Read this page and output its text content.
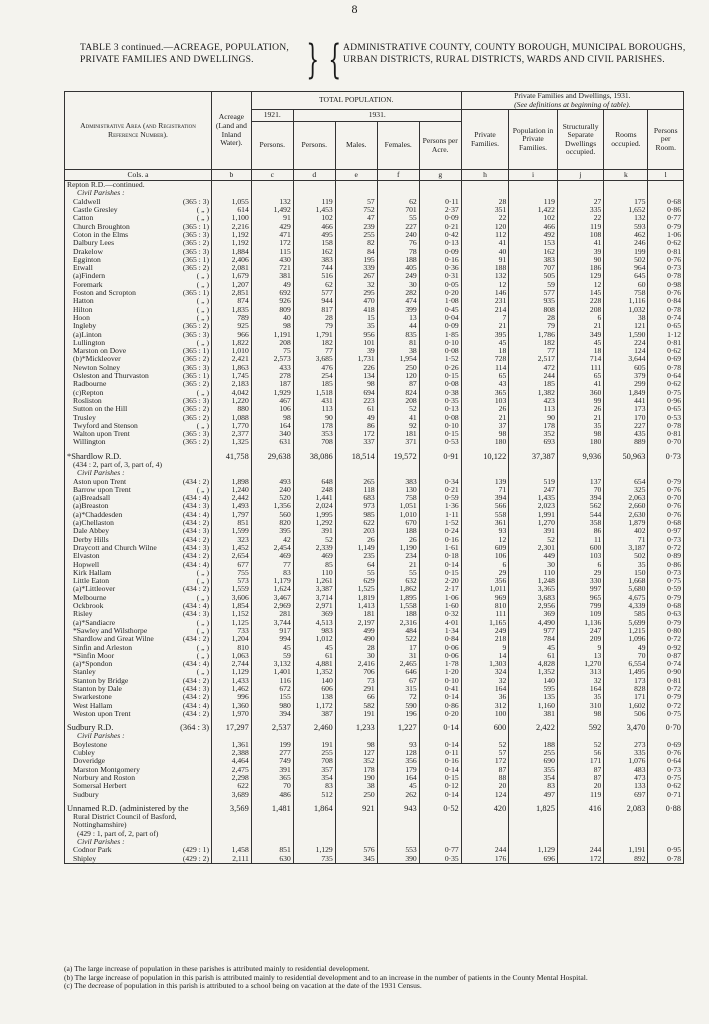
8
TABLE 3 continued.—ACREAGE, POPULATION, PRIVATE FAMILIES AND DWELLINGS.	} { ADMINISTRATIVE COUNTY, COUNTY BOROUGH, MUNICIPAL BOROUGHS, URBAN DISTRICTS, RURAL DISTRICTS, WARDS AND CIVIL PARISHES.
Administrative Area (and Registration Reference Number).	Acreage (Land and Inland Water).	TOTAL POPULATION.					Private Families and Dwellings, 1931.
(See definitions at beginning of table).				
		1921.	1931.				Private Families.	Population in Private Families.	Structurally Separate Dwellings occupied.	Rooms occupied.	Persons per Room.
		Persons.	Persons.	Males.	Females.	Persons per Acre.					
Cols. a	b	c	d	e	f	g	h	i	j	k	l
Repton R.D.—continued.											
Civil Parishes :											
Caldwell (365 : 3)	1,055	132	119	57	62	0·11	28	119	27	175	0·68
Castle Gresley ( „ )	614	1,492	1,453	752	701	2·37	351	1,422	335	1,652	0·86
Catton ( „ )	1,100	91	102	47	55	0·09	22	102	22	132	0·77
Church Broughton (365 : 1)	2,216	429	466	239	227	0·21	120	466	119	593	0·79
Coton in the Elms (365 : 3)	1,192	471	495	255	240	0·42	112	492	108	462	1·06
Dalbury Lees (365 : 2)	1,192	172	158	82	76	0·13	41	153	41	246	0·62
Drakelow (365 : 3)	1,884	115	162	84	78	0·09	40	162	39	199	0·81
Egginton (365 : 1)	2,406	430	383	195	188	0·16	91	383	90	502	0·76
Etwall (365 : 2)	2,081	721	744	339	405	0·36	188	707	186	964	0·73
(a)Findern ( „ )	1,679	381	516	267	249	0·31	132	505	129	645	0·78
Foremark ( „ )	1,207	49	62	32	30	0·05	12	59	12	60	0·98
Foston and Scropton (365 : 1)	2,851	692	577	295	282	0·20	146	577	145	758	0·76
Hatton ( „ )	874	926	944	470	474	1·08	231	935	228	1,116	0·84
Hilton ( „ )	1,835	809	817	418	399	0·45	214	808	208	1,032	0·78
Hoon ( „ )	789	40	28	15	13	0·04	7	28	6	38	0·74
Ingleby (365 : 2)	925	98	79	35	44	0·09	21	79	21	121	0·65
(a)Linton (365 : 3)	966	1,191	1,791	956	835	1·85	395	1,786	349	1,590	1·12
Lullington ( „ )	1,822	208	182	101	81	0·10	45	182	45	224	0·81
Marston on Dove (365 : 1)	1,010	75	77	39	38	0·08	18	77	18	124	0·62
(b)*Mickleover (365 : 2)	2,421	2,573	3,685	1,731	1,954	1·52	728	2,517	714	3,644	0·69
Newton Solney (365 : 3)	1,863	433	476	226	250	0·26	114	472	111	605	0·78
Osleston and Thurvaston (365 : 1)	1,745	278	254	134	120	0·15	65	244	65	379	0·64
Radbourne (365 : 2)	2,183	187	185	98	87	0·08	43	185	41	299	0·62
(c)Repton ( „ )	4,042	1,929	1,518	694	824	0·38	365	1,382	360	1,849	0·75
Rosliston (365 : 3)	1,220	467	431	223	208	0·35	103	423	99	441	0·96
Sutton on the Hill (365 : 2)	880	106	113	61	52	0·13	26	113	26	173	0·65
Trusley (365 : 2)	1,088	98	90	49	41	0·08	21	90	21	170	0·53
Twyford and Stenson ( „ )	1,770	164	178	86	92	0·10	37	178	35	227	0·78
Walton upon Trent (365 : 3)	2,377	340	353	172	181	0·15	98	352	98	435	0·81
Willington (365 : 2)	1,325	631	708	337	371	0·53	180	693	180	889	0·70

*Shardlow R.D.	41,758	29,638	38,086	18,514	19,572	0·91	10,122	37,387	9,936	50,963	0·73
(434 : 2, part of, 3, part of, 4)											
Civil Parishes :											
Aston upon Trent (434 : 2)	1,898	493	648	265	383	0·34	139	519	137	654	0·79
Barrow upon Trent ( „ )	1,240	240	248	118	130	0·21	71	247	70	325	0·76
(a)Breadsall (434 : 4)	2,442	520	1,441	683	758	0·59	394	1,435	394	2,063	0·70
(a)Breaston (434 : 3)	1,493	1,356	2,024	973	1,051	1·36	566	2,023	562	2,660	0·76
(a)*Chaddesden (434 : 4)	1,797	560	1,995	985	1,010	1·11	558	1,991	544	2,630	0·76
(a)Chellaston (434 : 2)	851	820	1,292	622	670	1·52	361	1,270	358	1,879	0·68
Dale Abbey (434 : 3)	1,599	395	391	203	188	0·24	93	391	86	402	0·97
Derby Hills (434 : 2)	323	42	52	26	26	0·16	12	52	11	71	0·73
Draycott and Church Wilne (434 : 3)	1,452	2,454	2,339	1,149	1,190	1·61	609	2,301	600	3,187	0·72
Elvaston (434 : 2)	2,654	469	469	235	234	0·18	106	449	103	502	0·89
Hopwell (434 : 4)	677	77	85	64	21	0·14	6	30	6	35	0·86
Kirk Hallam ( „ )	755	83	110	55	55	0·15	29	110	29	150	0·73
Little Eaton ( „ )	573	1,179	1,261	629	632	2·20	356	1,248	330	1,668	0·75
(a)*Littleover (434 : 2)	1,559	1,624	3,387	1,525	1,862	2·17	1,011	3,365	997	5,680	0·59
Melbourne ( „ )	3,606	3,467	3,714	1,819	1,895	1·06	969	3,683	965	4,675	0·79
Ockbrook (434 : 4)	1,854	2,969	2,971	1,413	1,558	1·60	810	2,956	799	4,339	0·68
Risley (434 : 3)	1,152	281	369	181	188	0·32	111	369	109	585	0·63
(a)*Sandiacre ( „ )	1,125	3,744	4,513	2,197	2,316	4·01	1,165	4,490	1,136	5,699	0·79
*Sawley and Wilsthorpe ( „ )	733	917	983	499	484	1·34	249	977	247	1,215	0·80
Shardlow and Great Wilne (434 : 2)	1,204	994	1,012	490	522	0·84	218	784	209	1,096	0·72
Sinfin and Arleston ( „ )	810	45	45	28	17	0·06	9	45	9	49	0·92
*Sinfin Moor ( „ )	1,063	59	61	30	31	0·06	14	61	13	70	0·87
(a)*Spondon (434 : 4)	2,744	3,132	4,881	2,416	2,465	1·78	1,303	4,828	1,270	6,554	0·74
Stanley ( „ )	1,129	1,401	1,352	706	646	1·20	324	1,352	313	1,495	0·90
Stanton by Bridge (434 : 2)	1,433	116	140	73	67	0·10	32	140	32	173	0·81
Stanton by Dale (434 : 3)	1,462	672	606	291	315	0·41	164	595	164	828	0·72
Swarkestone (434 : 2)	996	155	138	66	72	0·14	36	135	35	171	0·79
West Hallam (434 : 4)	1,360	980	1,172	582	590	0·86	312	1,160	310	1,602	0·72
Weston upon Trent (434 : 2)	1,970	394	387	191	196	0·20	100	381	98	506	0·75

Sudbury R.D. (364 : 3)	17,297	2,537	2,460	1,233	1,227	0·14	600	2,422	592	3,470	0·70
Civil Parishes :											
Boylestone	1,361	199	191	98	93	0·14	52	188	52	273	0·69
Cubley	2,388	277	255	127	128	0·11	57	255	56	335	0·76
Doveridge	4,464	749	708	352	356	0·16	172	690	171	1,076	0·64
Marston Montgomery	2,475	391	357	178	179	0·14	87	355	87	483	0·73
Norbury and Roston	2,298	365	354	190	164	0·15	88	354	87	473	0·75
Somersal Herbert	622	70	83	38	45	0·12	20	83	20	133	0·62
Sudbury	3,689	486	512	250	262	0·14	124	497	119	697	0·71

Unnamed R.D. (administered by the	3,569	1,481	1,864	921	943	0·52	420	1,825	416	2,083	0·88
Rural District Council of Basford,											
Nottinghamshire)											
(429 : 1, part of, 2, part of)											
Civil Parishes :											
Codnor Park (429 : 1)	1,458	851	1,129	576	553	0·77	244	1,129	244	1,191	0·95
Shipley (429 : 2)	2,111	630	735	345	390	0·35	176	696	172	892	0·78
(a) The large increase of population in these parishes is attributed mainly to residential development.
(b) The large increase of population in this parish is attributed mainly to residential development and to an increase in the number of patients in the County Mental Hospital.
(c) The decrease of population in this parish is attributed to a school being on vacation at the date of the 1931 Census.
